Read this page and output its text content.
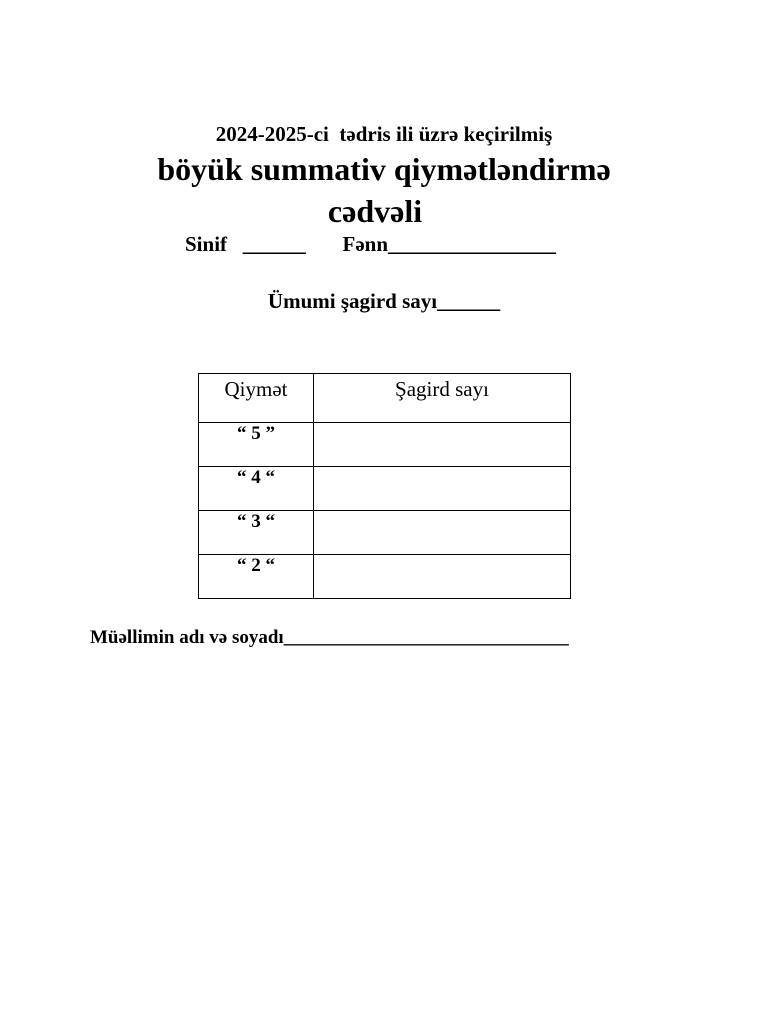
2024-2025-ci  tədris ili üzrə keçirilmiş
böyük summativ qiymətləndirmə
cədvəli
Sinif   ______       Fənn________________
Ümumi şagird sayı______
Qiymət	Şagird sayı
“ 5 ”	
“ 4 “	
“ 3 “	
“ 2 “	
Müəllimin adı və soyadı______________________________
